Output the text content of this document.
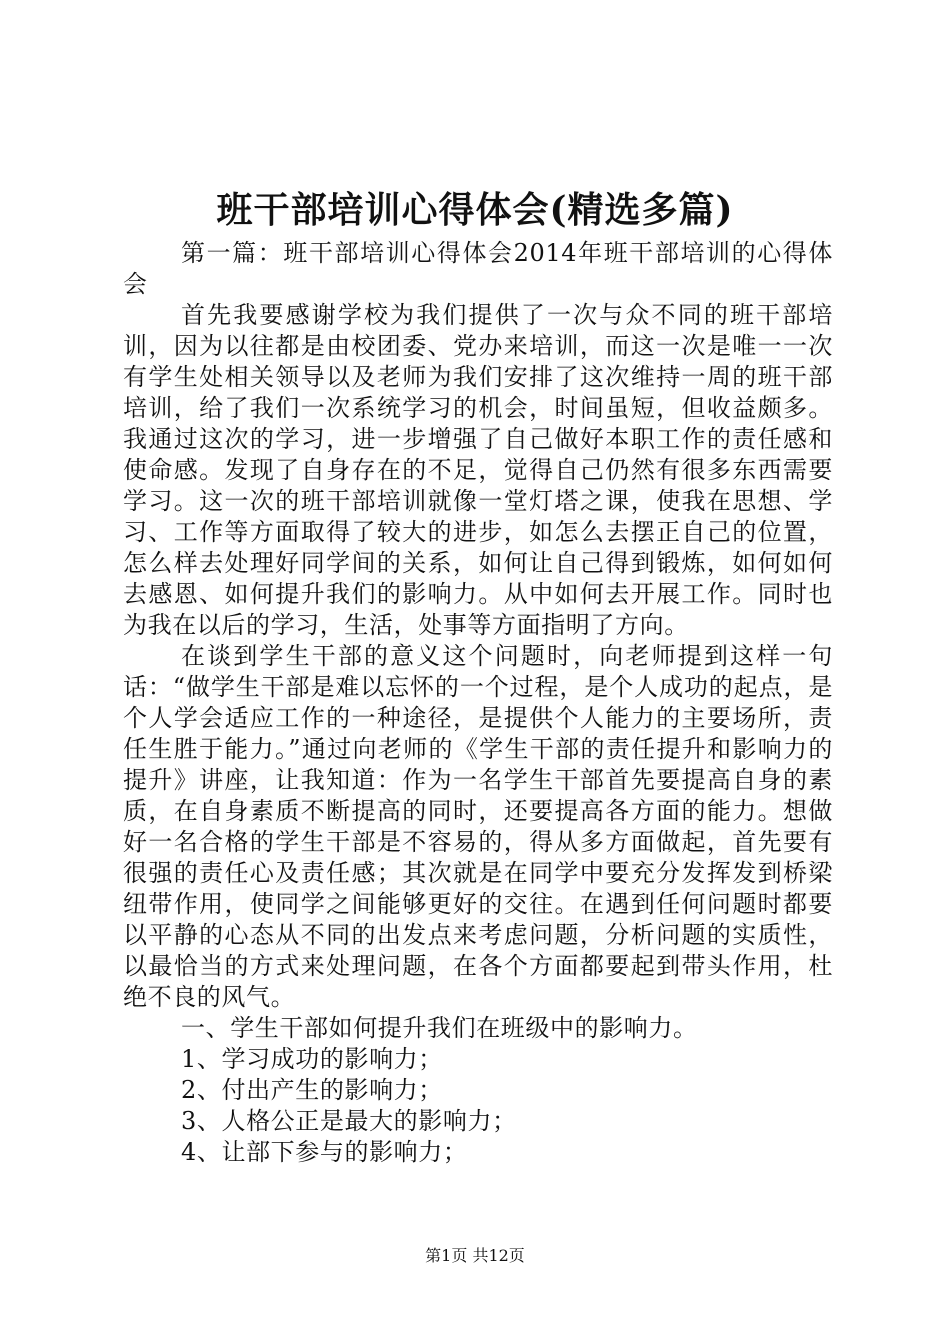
班干部培训心得体会(精选多篇)

第一篇：班干部培训心得体会2014年班干部培训的心得体会

首先我要感谢学校为我们提供了一次与众不同的班干部培训，因为以往都是由校团委、党办来培训，而这一次是唯一一次有学生处相关领导以及老师为我们安排了这次维持一周的班干部培训，给了我们一次系统学习的机会，时间虽短，但收益颇多。我通过这次的学习，进一步增强了自己做好本职工作的责任感和使命感。发现了自身存在的不足，觉得自己仍然有很多东西需要学习。这一次的班干部培训就像一堂灯塔之课，使我在思想、学习、工作等方面取得了较大的进步，如怎么去摆正自己的位置，怎么样去处理好同学间的关系，如何让自己得到锻炼，如何如何去感恩、如何提升我们的影响力。从中如何去开展工作。同时也为我在以后的学习，生活，处事等方面指明了方向。

在谈到学生干部的意义这个问题时，向老师提到这样一句话：“做学生干部是难以忘怀的一个过程，是个人成功的起点，是个人学会适应工作的一种途径，是提供个人能力的主要场所，责任生胜于能力。”通过向老师的《学生干部的责任提升和影响力的提升》讲座，让我知道：作为一名学生干部首先要提高自身的素质，在自身素质不断提高的同时，还要提高各方面的能力。想做好一名合格的学生干部是不容易的，得从多方面做起，首先要有很强的责任心及责任感；其次就是在同学中要充分发挥发到桥梁纽带作用，使同学之间能够更好的交往。在遇到任何问题时都要以平静的心态从不同的出发点来考虑问题，分析问题的实质性，以最恰当的方式来处理问题，在各个方面都要起到带头作用，杜绝不良的风气。

一、学生干部如何提升我们在班级中的影响力。

1、学习成功的影响力；

2、付出产生的影响力；

3、人格公正是最大的影响力；

4、让部下参与的影响力；

第1页 共12页
